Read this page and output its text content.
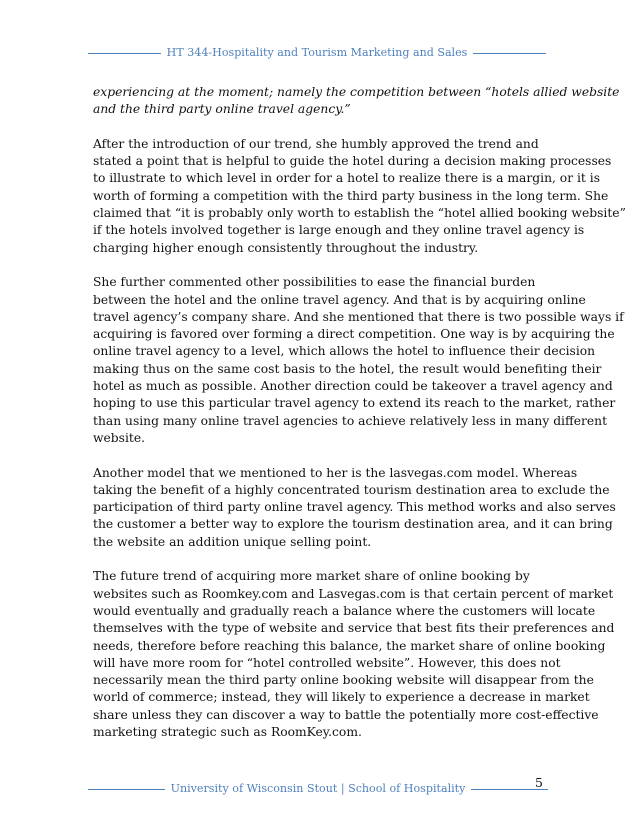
HT 344-Hospitality and Tourism Marketing and Sales
experiencing at the moment; namely the competition between “hotels allied website
and the third party online travel agency.”
After the introduction of our trend, she humbly approved the trend and
stated a point that is helpful to guide the hotel during a decision making processes
to illustrate to which level in order for a hotel to realize there is a margin, or it is
worth of forming a competition with the third party business in the long term. She
claimed that “it is probably only worth to establish the “hotel allied booking website”
if the hotels involved together is large enough and they online travel agency is
charging higher enough consistently throughout the industry.
She further commented other possibilities to ease the financial burden
between the hotel and the online travel agency. And that is by acquiring online
travel agency’s company share. And she mentioned that there is two possible ways if
acquiring is favored over forming a direct competition. One way is by acquiring the
online travel agency to a level, which allows the hotel to influence their decision
making thus on the same cost basis to the hotel, the result would benefiting their
hotel as much as possible. Another direction could be takeover a travel agency and
hoping to use this particular travel agency to extend its reach to the market, rather
than using many online travel agencies to achieve relatively less in many different
website.
Another model that we mentioned to her is the lasvegas.com model. Whereas
taking the benefit of a highly concentrated tourism destination area to exclude the
participation of third party online travel agency. This method works and also serves
the customer a better way to explore the tourism destination area, and it can bring
the website an addition unique selling point.
The future trend of acquiring more market share of online booking by
websites such as Roomkey.com and Lasvegas.com is that certain percent of market
would eventually and gradually reach a balance where the customers will locate
themselves with the type of website and service that best fits their preferences and
needs, therefore before reaching this balance, the market share of online booking
will have more room for “hotel controlled website”. However, this does not
necessarily mean the third party online booking website will disappear from the
world of commerce; instead, they will likely to experience a decrease in market
share unless they can discover a way to battle the potentially more cost-effective
marketing strategic such as RoomKey.com.
5
University of Wisconsin Stout | School of Hospitality
